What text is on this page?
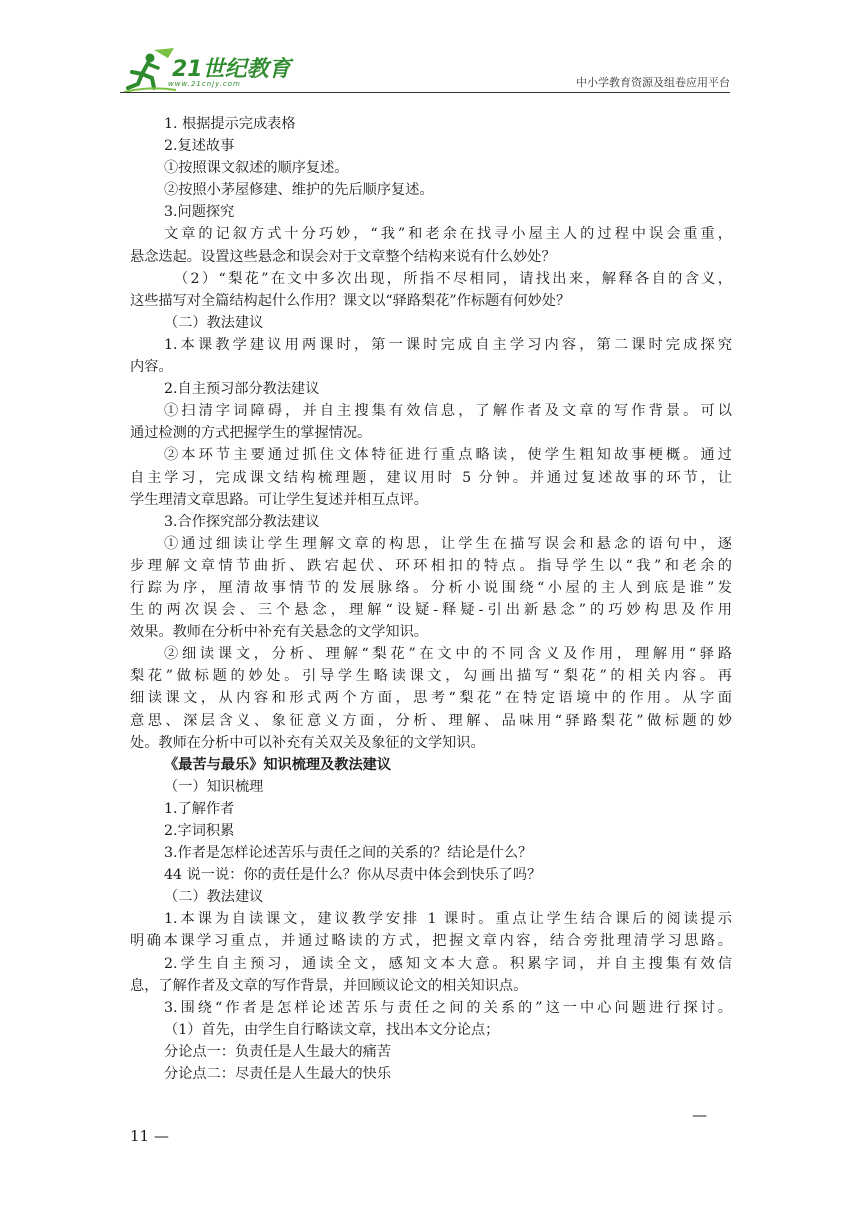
21世纪教育
www.21cnjy.com	中小学教育资源及组卷应用平台
1. 根据提示完成表格
2.复述故事
①按照课文叙述的顺序复述。
②按照小茅屋修建、维护的先后顺序复述。
3.问题探究
文章的记叙方式十分巧妙，“我”和老余在找寻小屋主人的过程中误会重重，
悬念迭起。设置这些悬念和误会对于文章整个结构来说有什么妙处？
（2）“梨花”在文中多次出现，所指不尽相同，请找出来，解释各自的含义，
这些描写对全篇结构起什么作用？课文以“驿路梨花”作标题有何妙处？
（二）教法建议
1.本课教学建议用两课时，第一课时完成自主学习内容，第二课时完成探究
内容。
2.自主预习部分教法建议
①扫清字词障碍，并自主搜集有效信息，了解作者及文章的写作背景。可以
通过检测的方式把握学生的掌握情况。
②本环节主要通过抓住文体特征进行重点略读，使学生粗知故事梗概。通过
自主学习，完成课文结构梳理题，建议用时 5 分钟。并通过复述故事的环节，让
学生理清文章思路。可让学生复述并相互点评。
3.合作探究部分教法建议
①通过细读让学生理解文章的构思，让学生在描写误会和悬念的语句中，逐
步理解文章情节曲折、跌宕起伏、环环相扣的特点。指导学生以“我”和老余的
行踪为序，厘清故事情节的发展脉络。分析小说围绕“小屋的主人到底是谁”发
生的两次误会、三个悬念，理解“设疑-释疑-引出新悬念”的巧妙构思及作用
效果。教师在分析中补充有关悬念的文学知识。
②细读课文，分析、理解“梨花”在文中的不同含义及作用，理解用“驿路
梨花”做标题的妙处。引导学生略读课文，勾画出描写“梨花”的相关内容。再
细读课文，从内容和形式两个方面，思考“梨花”在特定语境中的作用。从字面
意思、深层含义、象征意义方面，分析、理解、品味用“驿路梨花”做标题的妙
处。教师在分析中可以补充有关双关及象征的文学知识。
《最苦与最乐》知识梳理及教法建议
（一）知识梳理
1.了解作者
2.字词积累
3.作者是怎样论述苦乐与责任之间的关系的？结论是什么？
44 说一说：你的责任是什么？你从尽责中体会到快乐了吗？
（二）教法建议
1.本课为自读课文，建议教学安排 1 课时。重点让学生结合课后的阅读提示
明确本课学习重点，并通过略读的方式，把握文章内容，结合旁批理清学习思路。
2.学生自主预习，通读全文，感知文本大意。积累字词，并自主搜集有效信
息，了解作者及文章的写作背景，并回顾议论文的相关知识点。
3.围绕“作者是怎样论述苦乐与责任之间的关系的”这一中心问题进行探讨。
（1）首先，由学生自行略读文章，找出本文分论点；
分论点一：负责任是人生最大的痛苦
分论点二：尽责任是人生最大的快乐
—
11 —
